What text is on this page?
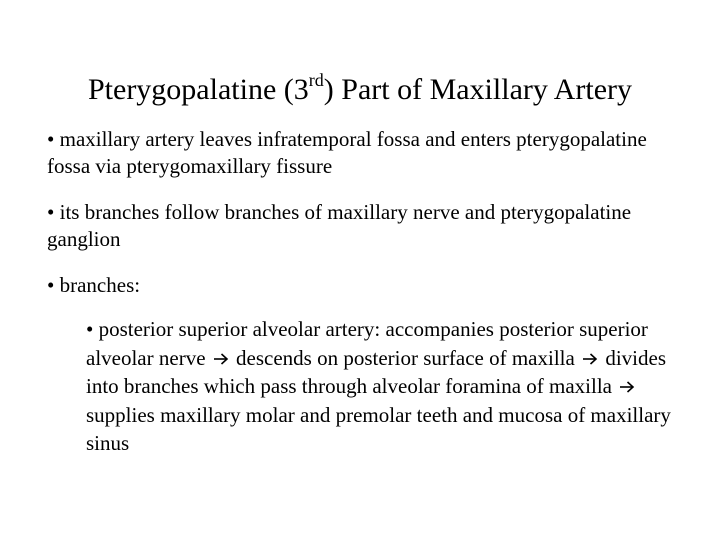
Pterygopalatine (3rd) Part of Maxillary Artery
• maxillary artery leaves infratemporal fossa and enters pterygopalatine fossa via pterygomaxillary fissure
• its branches follow branches of maxillary nerve and pterygopalatine ganglion
• branches:
• posterior superior alveolar artery: accompanies posterior superior alveolar nerve descends on posterior surface of maxilla divides into branches which pass through alveolar foramina of maxilla
supplies maxillary molar and premolar teeth and mucosa of maxillary sinus
